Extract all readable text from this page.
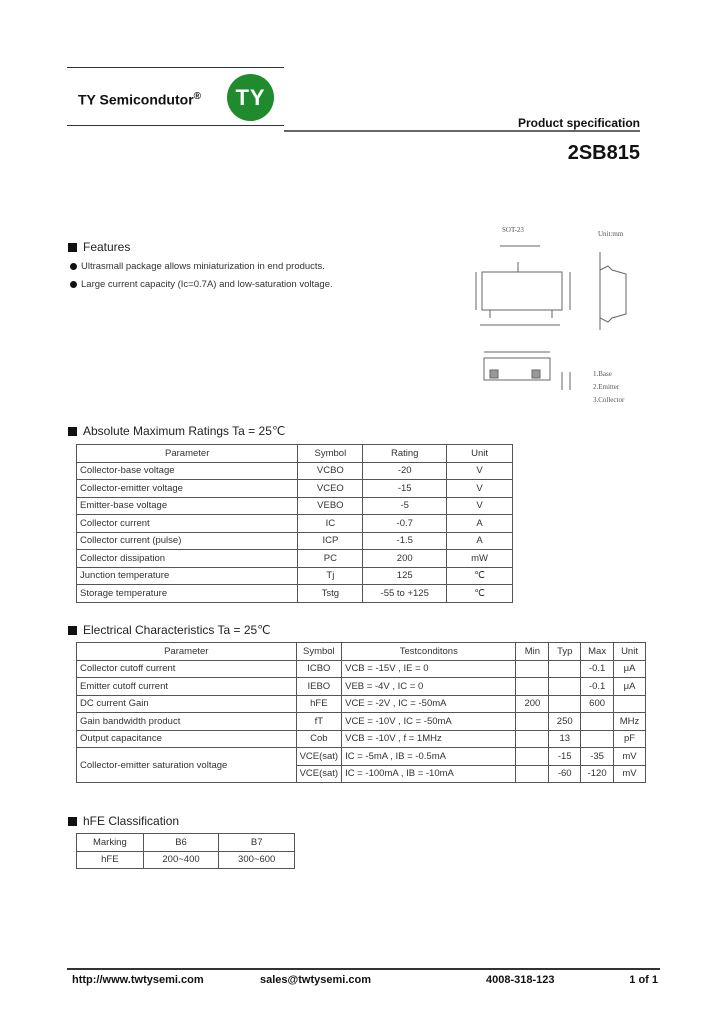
TY Semicondutor®	TY
Product specification
2SB815
SOT-23	Unit:mm
1.Base
2.Emitter
3.Collector
Features
Ultrasmall package allows miniaturization in end products.
Large current capacity (Ic=0.7A) and low-saturation voltage.
Absolute Maximum Ratings Ta = 25℃
Parameter	Symbol	Rating	Unit
Collector-base voltage	VCBO	-20	V
Collector-emitter voltage	VCEO	-15	V
Emitter-base voltage	VEBO	-5	V
Collector current	IC	-0.7	A
Collector current (pulse)	ICP	-1.5	A
Collector dissipation	PC	200	mW
Junction temperature	Tj	125	℃
Storage temperature	Tstg	-55 to +125	℃
Electrical Characteristics Ta = 25℃
Parameter	Symbol	Testconditons	Min	Typ	Max	Unit
Collector cutoff current	ICBO	VCB = -15V , IE = 0			-0.1	μA
Emitter cutoff current	IEBO	VEB = -4V , IC = 0			-0.1	μA
DC current Gain	hFE	VCE = -2V , IC = -50mA	200		600	
Gain bandwidth product	fT	VCE = -10V , IC = -50mA		250		MHz
Output capacitance	Cob	VCB = -10V , f = 1MHz		13		pF
Collector-emitter saturation voltage	VCE(sat)	IC = -5mA , IB = -0.5mA		-15	-35	mV
	VCE(sat)	IC = -100mA , IB = -10mA		-60	-120	mV
hFE Classification
Marking	B6	B7
hFE	200~400	300~600
http://www.twtysemi.com	sales@twtysemi.com	4008-318-123	1 of 1
